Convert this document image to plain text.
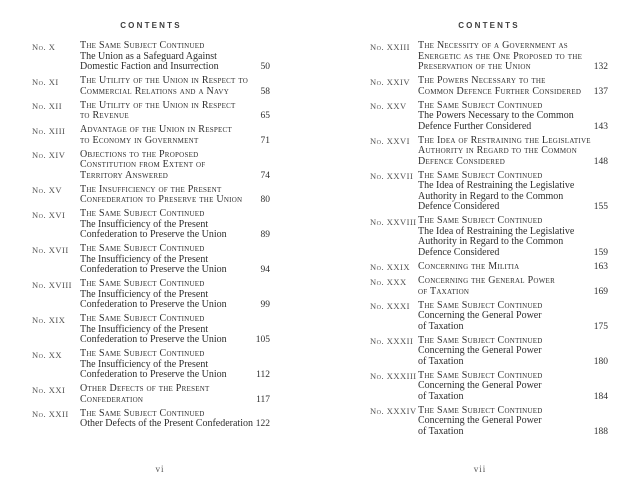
CONTENTS
No. X	The Same Subject Continued
The Union as a Safeguard Against
Domestic Faction and Insurrection	50
No. XI	The Utility of the Union in Respect to
Commercial Relations and a Navy	58
No. XII	The Utility of the Union in Respect
to Revenue	65
No. XIII	Advantage of the Union in Respect
to Economy in Government	71
No. XIV	Objections to the Proposed
Constitution from Extent of
Territory Answered	74
No. XV	The Insufficiency of the Present
Confederation to Preserve the Union	80
No. XVI	The Same Subject Continued
The Insufficiency of the Present
Confederation to Preserve the Union	89
No. XVII	The Same Subject Continued
The Insufficiency of the Present
Confederation to Preserve the Union	94
No. XVIII The Same Subject Continued
The Insufficiency of the Present
Confederation to Preserve the Union	99
No. XIX	The Same Subject Continued
The Insufficiency of the Present
Confederation to Preserve the Union	105
No. XX	The Same Subject Continued
The Insufficiency of the Present
Confederation to Preserve the Union	112
No. XXI	Other Defects of the Present
Confederation	117
No. XXII	The Same Subject Continued
Other Defects of the Present Confederation 122
vi
CONTENTS
No. XXIII The Necessity of a Government as
Energetic as the One Proposed to the
Preservation of the Union	132
No. XXIV The Powers Necessary to the
Common Defence Further Considered	137
No. XXV	The Same Subject Continued
The Powers Necessary to the Common
Defence Further Considered	143
No. XXVI The Idea of Restraining the Legislative
Authority in Regard to the Common
Defence Considered	148
No. XXVII The Same Subject Continued
The Idea of Restraining the Legislative
Authority in Regard to the Common
Defence Considered	155
No. XXVIII The Same Subject Continued
The Idea of Restraining the Legislative
Authority in Regard to the Common
Defence Considered	159
No. XXIX Concerning the Militia	163
No. XXX	Concerning the General Power
of Taxation	169
No. XXXI The Same Subject Continued
Concerning the General Power
of Taxation	175
No. XXXII The Same Subject Continued
Concerning the General Power
of Taxation	180
No. XXXIII The Same Subject Continued
Concerning the General Power
of Taxation	184
No. XXXIV The Same Subject Continued
Concerning the General Power
of Taxation	188
vii
